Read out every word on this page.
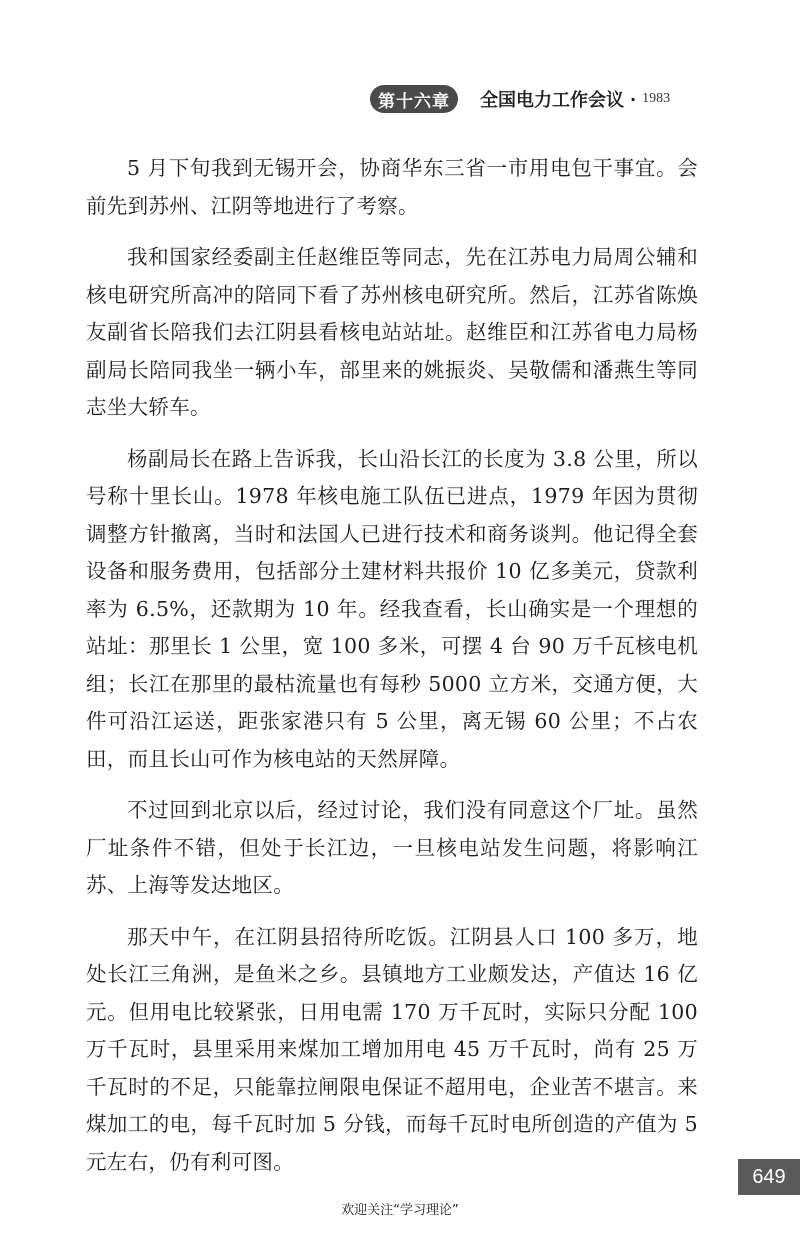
第十六章	全国电力工作会议 · 1983

5 月下旬我到无锡开会，协商华东三省一市用电包干事宜。会前先到苏州、江阴等地进行了考察。

我和国家经委副主任赵维臣等同志，先在江苏电力局周公辅和核电研究所高冲的陪同下看了苏州核电研究所。然后，江苏省陈焕友副省长陪我们去江阴县看核电站站址。赵维臣和江苏省电力局杨副局长陪同我坐一辆小车，部里来的姚振炎、吴敬儒和潘燕生等同志坐大轿车。

杨副局长在路上告诉我，长山沿长江的长度为 3.8 公里，所以号称十里长山。1978 年核电施工队伍已进点，1979 年因为贯彻调整方针撤离，当时和法国人已进行技术和商务谈判。他记得全套设备和服务费用，包括部分土建材料共报价 10 亿多美元，贷款利率为 6.5%，还款期为 10 年。经我查看，长山确实是一个理想的站址：那里长 1 公里，宽 100 多米，可摆 4 台 90 万千瓦核电机组；长江在那里的最枯流量也有每秒 5000 立方米，交通方便，大件可沿江运送，距张家港只有 5 公里，离无锡 60 公里；不占农田，而且长山可作为核电站的天然屏障。

不过回到北京以后，经过讨论，我们没有同意这个厂址。虽然厂址条件不错，但处于长江边，一旦核电站发生问题，将影响江苏、上海等发达地区。

那天中午，在江阴县招待所吃饭。江阴县人口 100 多万，地处长江三角洲，是鱼米之乡。县镇地方工业颇发达，产值达 16 亿元。但用电比较紧张，日用电需 170 万千瓦时，实际只分配 100 万千瓦时，县里采用来煤加工增加用电 45 万千瓦时，尚有 25 万千瓦时的不足，只能靠拉闸限电保证不超用电，企业苦不堪言。来煤加工的电，每千瓦时加 5 分钱，而每千瓦时电所创造的产值为 5 元左右，仍有利可图。

649
欢迎关注“学习理论”
